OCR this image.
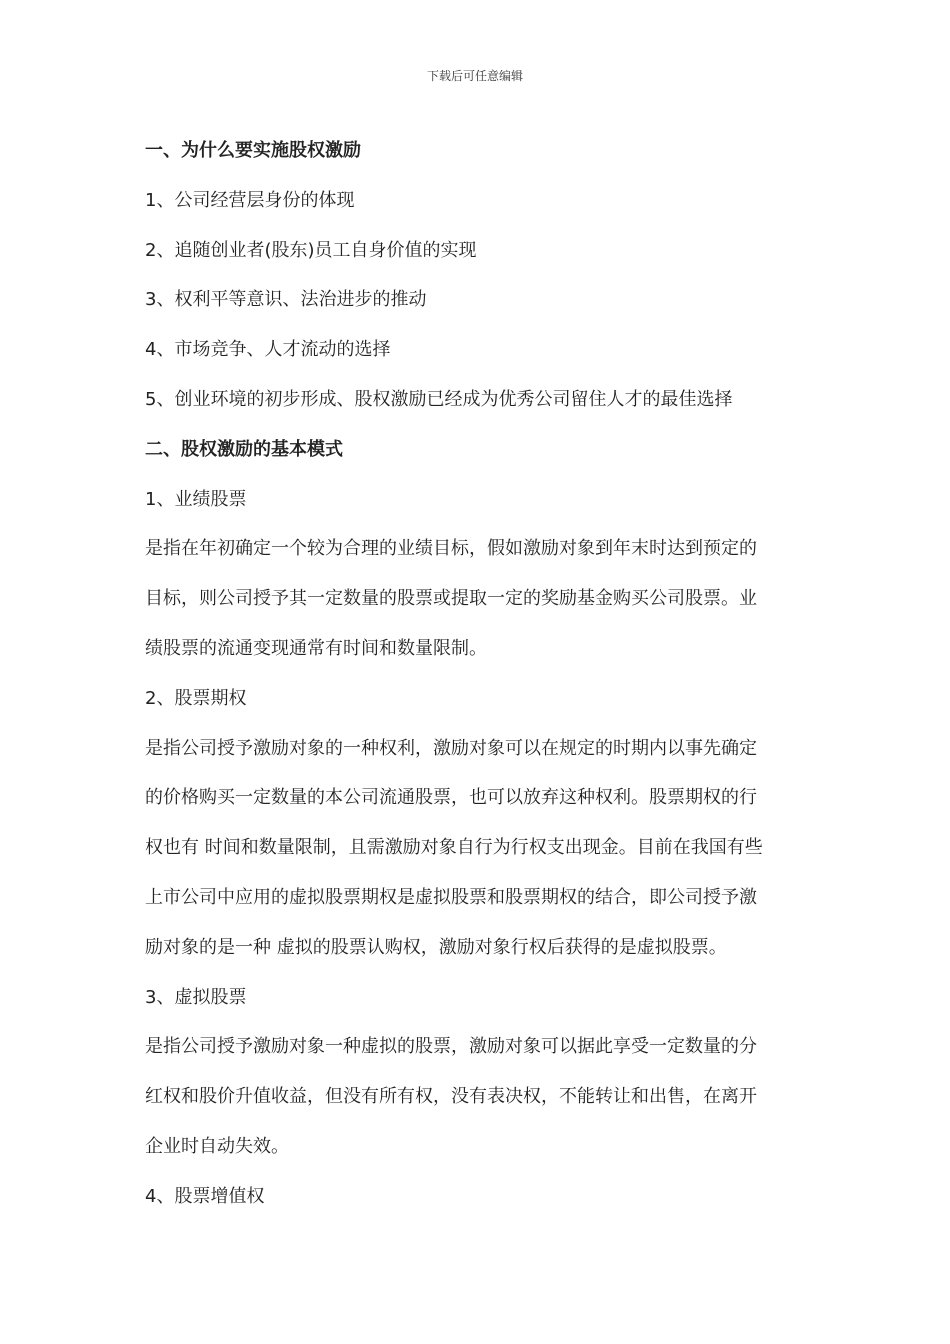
下载后可任意编辑
一、为什么要实施股权激励
1、公司经营层身份的体现
2、追随创业者(股东)员工自身价值的实现
3、权利平等意识、法治进步的推动
4、市场竞争、人才流动的选择
5、创业环境的初步形成、股权激励已经成为优秀公司留住人才的最佳选择
二、股权激励的基本模式
1、业绩股票
是指在年初确定一个较为合理的业绩目标，假如激励对象到年末时达到预定的
目标，则公司授予其一定数量的股票或提取一定的奖励基金购买公司股票。业
绩股票的流通变现通常有时间和数量限制。
2、股票期权
是指公司授予激励对象的一种权利，激励对象可以在规定的时期内以事先确定
的价格购买一定数量的本公司流通股票，也可以放弃这种权利。股票期权的行
权也有 时间和数量限制，且需激励对象自行为行权支出现金。目前在我国有些
上市公司中应用的虚拟股票期权是虚拟股票和股票期权的结合，即公司授予激
励对象的是一种 虚拟的股票认购权，激励对象行权后获得的是虚拟股票。
3、虚拟股票
是指公司授予激励对象一种虚拟的股票，激励对象可以据此享受一定数量的分
红权和股价升值收益，但没有所有权，没有表决权，不能转让和出售，在离开
企业时自动失效。
4、股票增值权
